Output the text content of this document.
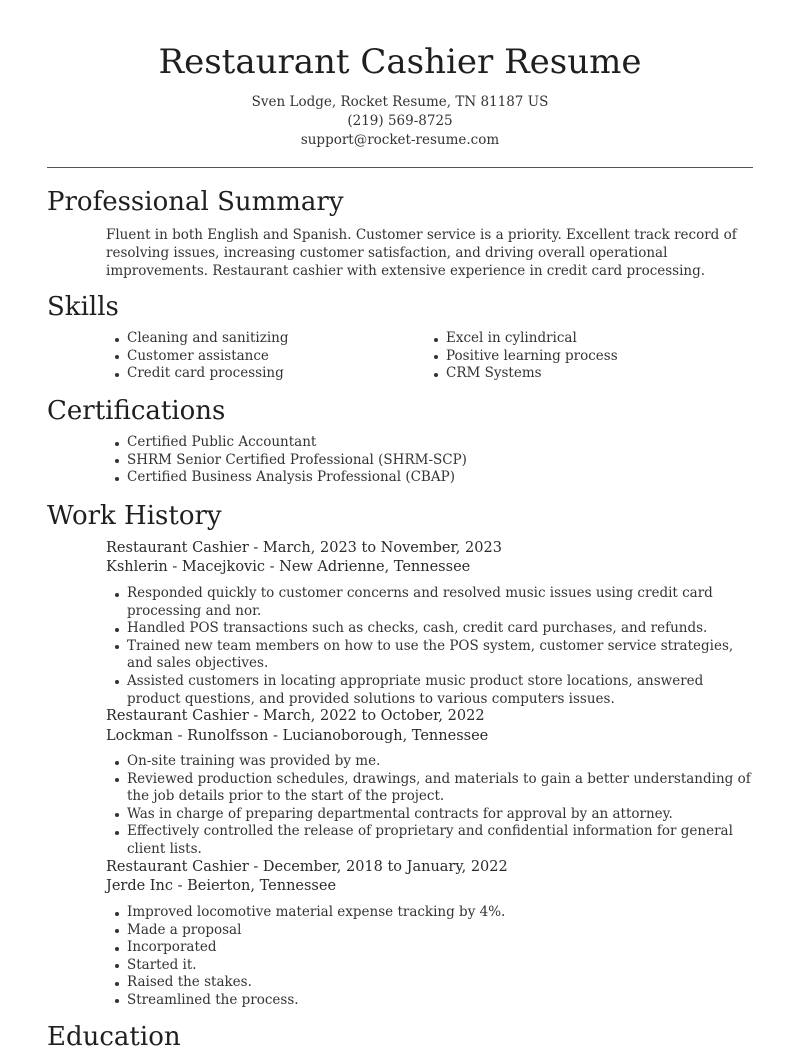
Restaurant Cashier Resume
Sven Lodge, Rocket Resume, TN 81187 US
(219) 569-8725
support@rocket-resume.com
Professional Summary
Fluent in both English and Spanish. Customer service is a priority. Excellent track record of resolving issues, increasing customer satisfaction, and driving overall operational improvements. Restaurant cashier with extensive experience in credit card processing.
Skills
Cleaning and sanitizing
Customer assistance
Credit card processing
Excel in cylindrical
Positive learning process
CRM Systems
Certifications
Certified Public Accountant
SHRM Senior Certified Professional (SHRM-SCP)
Certified Business Analysis Professional (CBAP)
Work History
Restaurant Cashier - March, 2023 to November, 2023
Kshlerin - Macejkovic - New Adrienne, Tennessee
Responded quickly to customer concerns and resolved music issues using credit card processing and nor.
Handled POS transactions such as checks, cash, credit card purchases, and refunds.
Trained new team members on how to use the POS system, customer service strategies, and sales objectives.
Assisted customers in locating appropriate music product store locations, answered product questions, and provided solutions to various computers issues.
Restaurant Cashier - March, 2022 to October, 2022
Lockman - Runolfsson - Lucianoborough, Tennessee
On-site training was provided by me.
Reviewed production schedules, drawings, and materials to gain a better understanding of the job details prior to the start of the project.
Was in charge of preparing departmental contracts for approval by an attorney.
Effectively controlled the release of proprietary and confidential information for general client lists.
Restaurant Cashier - December, 2018 to January, 2022
Jerde Inc - Beierton, Tennessee
Improved locomotive material expense tracking by 4%.
Made a proposal
Incorporated
Started it.
Raised the stakes.
Streamlined the process.
Education
